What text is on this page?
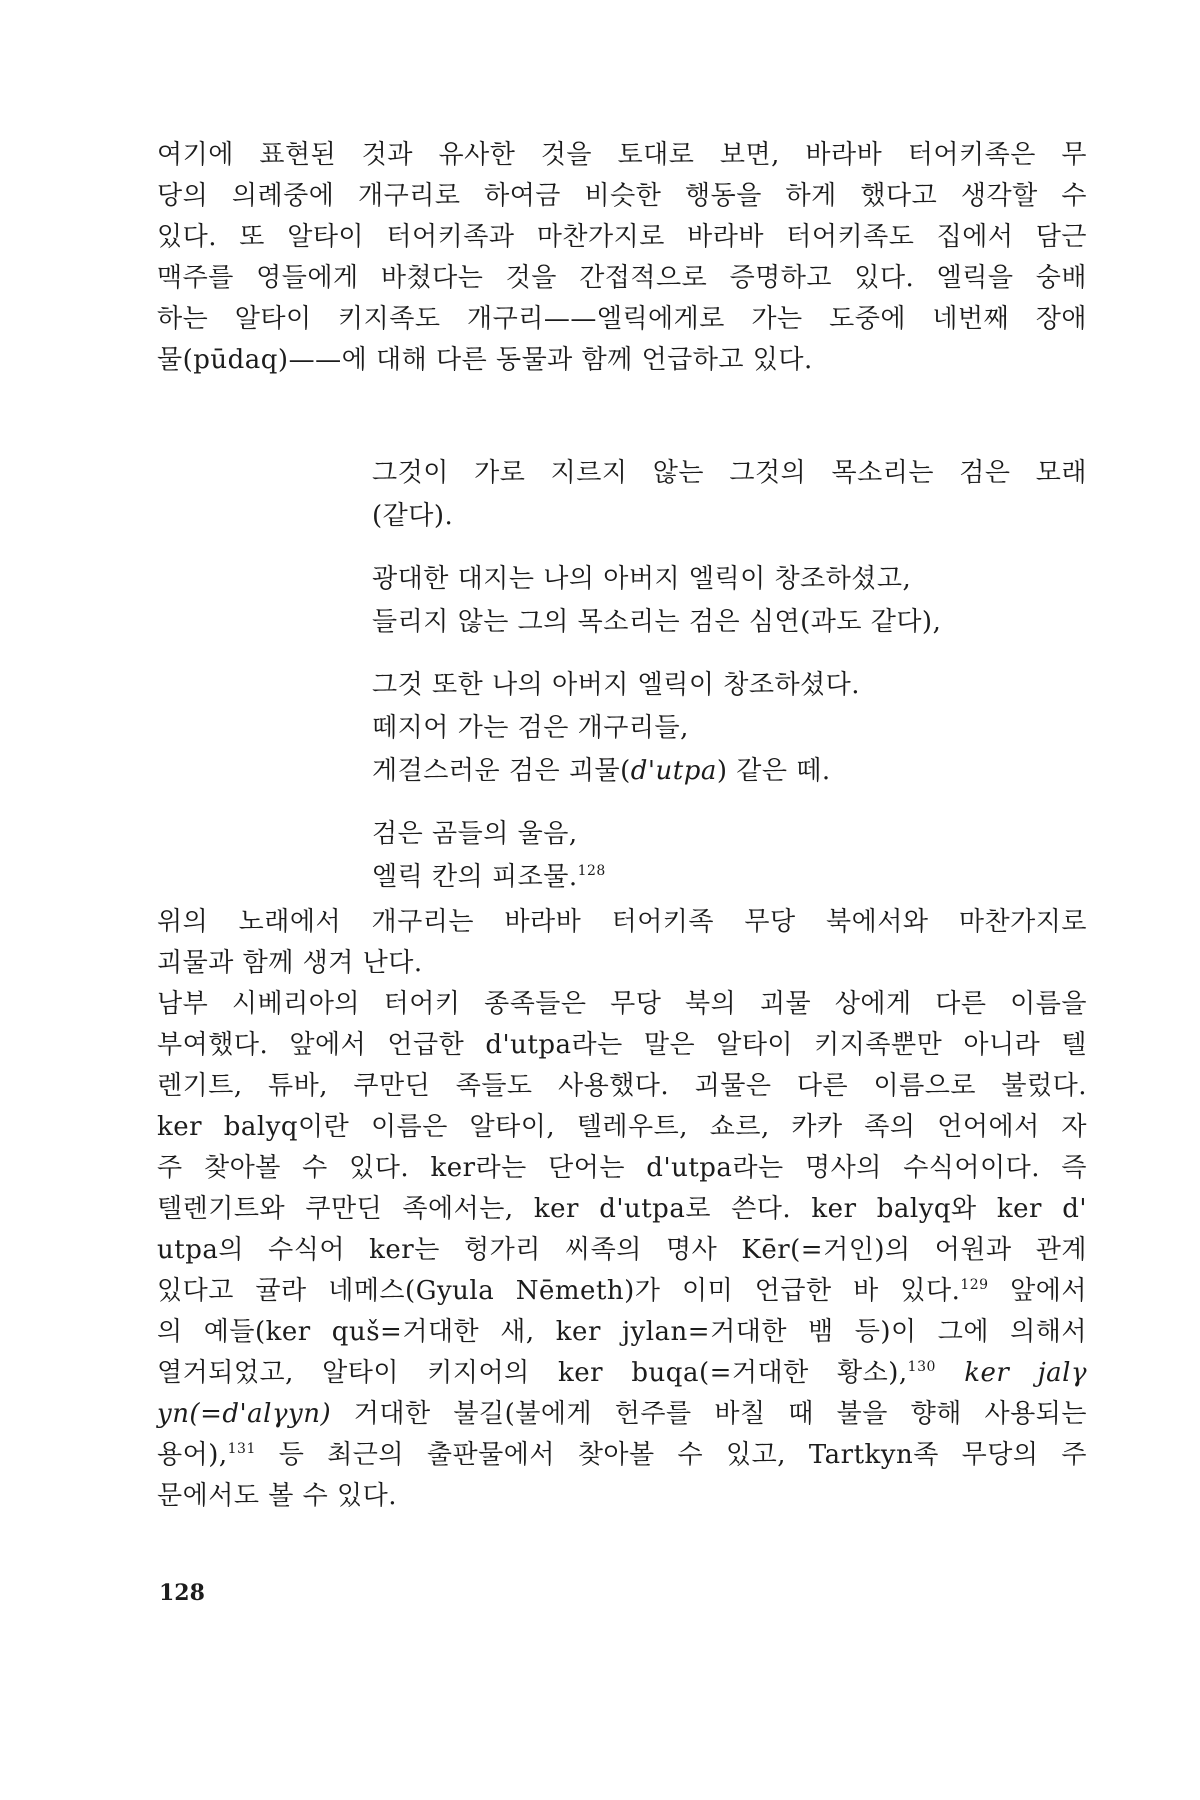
여기에 표현된 것과 유사한 것을 토대로 보면, 바라바 터어키족은 무
당의 의례중에 개구리로 하여금 비슷한 행동을 하게 했다고 생각할 수
있다. 또 알타이 터어키족과 마찬가지로 바라바 터어키족도 집에서 담근
맥주를 영들에게 바쳤다는 것을 간접적으로 증명하고 있다. 엘릭을 숭배
하는 알타이 키지족도 개구리——엘릭에게로 가는 도중에 네번째 장애
물(pūdaq)——에 대해 다른 동물과 함께 언급하고 있다.
그것이 가로 지르지 않는 그것의 목소리는 검은 모래
(같다).
광대한 대지는 나의 아버지 엘릭이 창조하셨고,
들리지 않는 그의 목소리는 검은 심연(과도 같다),
그것 또한 나의 아버지 엘릭이 창조하셨다.
떼지어 가는 검은 개구리들,
게걸스러운 검은 괴물(d'utpa) 같은 떼.
검은 곰들의 울음,
엘릭 칸의 피조물.$^{128}$
위의 노래에서 개구리는 바라바 터어키족 무당 북에서와 마찬가지로
괴물과 함께 생겨 난다.
남부 시베리아의 터어키 종족들은 무당 북의 괴물 상에게 다른 이름을
부여했다. 앞에서 언급한 d'utpa라는 말은 알타이 키지족뿐만 아니라 텔
렌기트, 튜바, 쿠만딘 족들도 사용했다. 괴물은 다른 이름으로 불렀다.
ker balyq이란 이름은 알타이, 텔레우트, 쇼르, 카카 족의 언어에서 자
주 찾아볼 수 있다. ker라는 단어는 d'utpa라는 명사의 수식어이다. 즉
텔렌기트와 쿠만딘 족에서는, ker d'utpa로 쓴다. ker balyq와 ker d'
utpa의 수식어 ker는 헝가리 씨족의 명사 Kēr(=거인)의 어원과 관계
있다고 귤라 네메스(Gyula Nēmeth)가 이미 언급한 바 있다.$^{129}$ 앞에서
의 예들(ker quš=거대한 새, ker jylan=거대한 뱀 등)이 그에 의해서
열거되었고, 알타이 키지어의 ker buqa(=거대한 황소),$^{130}$ ker jalγ
yn(=d'alγyn) 거대한 불길(불에게 헌주를 바칠 때 불을 향해 사용되는
용어),$^{131}$ 등 최근의 출판물에서 찾아볼 수 있고, Tartkyn족 무당의 주
문에서도 볼 수 있다.
128
